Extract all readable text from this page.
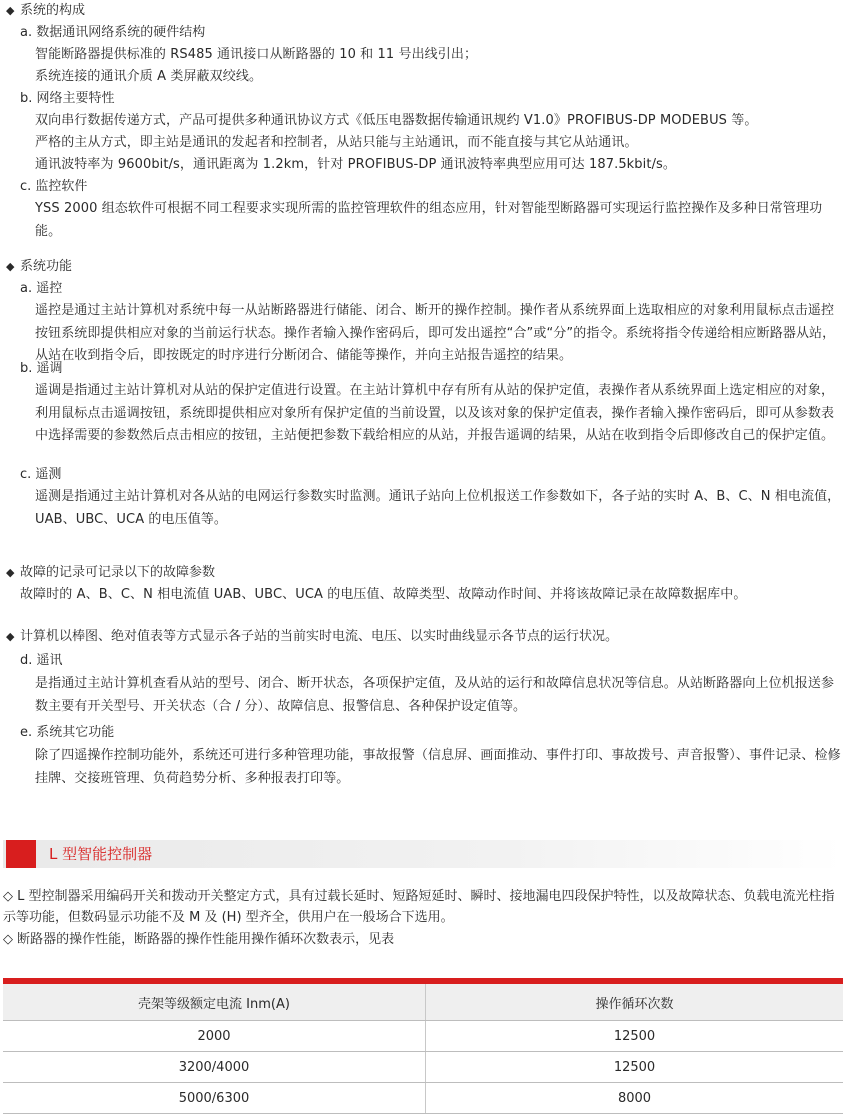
◆ 系统的构成
a. 数据通讯网络系统的硬件结构
智能断路器提供标准的 RS485 通讯接口从断路器的 10 和 11 号出线引出；
系统连接的通讯介质 A 类屏蔽双绞线。
b. 网络主要特性
双向串行数据传递方式，产品可提供多种通讯协议方式《低压电器数据传输通讯规约 V1.0》PROFIBUS-DP MODEBUS 等。
严格的主从方式，即主站是通讯的发起者和控制者，从站只能与主站通讯，而不能直接与其它从站通讯。
通讯波特率为 9600bit/s，通讯距离为 1.2km，针对 PROFIBUS-DP 通讯波特率典型应用可达 187.5kbit/s。
c. 监控软件
YSS 2000 组态软件可根据不同工程要求实现所需的监控管理软件的组态应用，针对智能型断路器可实现运行监控操作及多种日常管理功能。
◆ 系统功能
a. 遥控
遥控是通过主站计算机对系统中每一从站断路器进行储能、闭合、断开的操作控制。操作者从系统界面上选取相应的对象利用鼠标点击遥控按钮系统即提供相应对象的当前运行状态。操作者输入操作密码后，即可发出遥控“合”或“分”的指令。系统将指令传递给相应断路器从站，从站在收到指令后，即按既定的时序进行分断闭合、储能等操作，并向主站报告遥控的结果。
b. 遥调
遥调是指通过主站计算机对从站的保护定值进行设置。在主站计算机中存有所有从站的保护定值，表操作者从系统界面上选定相应的对象，利用鼠标点击遥调按钮，系统即提供相应对象所有保护定值的当前设置，以及该对象的保护定值表，操作者输入操作密码后，即可从参数表中选择需要的参数然后点击相应的按钮，主站便把参数下载给相应的从站，并报告遥调的结果，从站在收到指令后即修改自己的保护定值。
c. 遥测
遥测是指通过主站计算机对各从站的电网运行参数实时监测。通讯子站向上位机报送工作参数如下，各子站的实时 A、B、C、N 相电流值，UAB、UBC、UCA 的电压值等。
◆ 故障的记录可记录以下的故障参数
故障时的 A、B、C、N 相电流值 UAB、UBC、UCA 的电压值、故障类型、故障动作时间、并将该故障记录在故障数据库中。
◆ 计算机以棒图、绝对值表等方式显示各子站的当前实时电流、电压、以实时曲线显示各节点的运行状况。
d. 遥讯
是指通过主站计算机查看从站的型号、闭合、断开状态，各项保护定值，及从站的运行和故障信息状况等信息。从站断路器向上位机报送参数主要有开关型号、开关状态（合 / 分）、故障信息、报警信息、各种保护设定值等。
e. 系统其它功能
除了四遥操作控制功能外，系统还可进行多种管理功能，事故报警（信息屏、画面推动、事件打印、事故拨号、声音报警）、事件记录、检修挂牌、交接班管理、负荷趋势分析、多种报表打印等。
L 型智能控制器
◇ L 型控制器采用编码开关和拨动开关整定方式，具有过载长延时、短路短延时、瞬时、接地漏电四段保护特性，以及故障状态、负载电流光柱指示等功能，但数码显示功能不及 M 及 (H) 型齐全，供用户在一般场合下选用。
◇ 断路器的操作性能，断路器的操作性能用操作循环次数表示，见表
壳架等级额定电流 Inm(A)	操作循环次数
2000	12500
3200/4000	12500
5000/6300	8000
